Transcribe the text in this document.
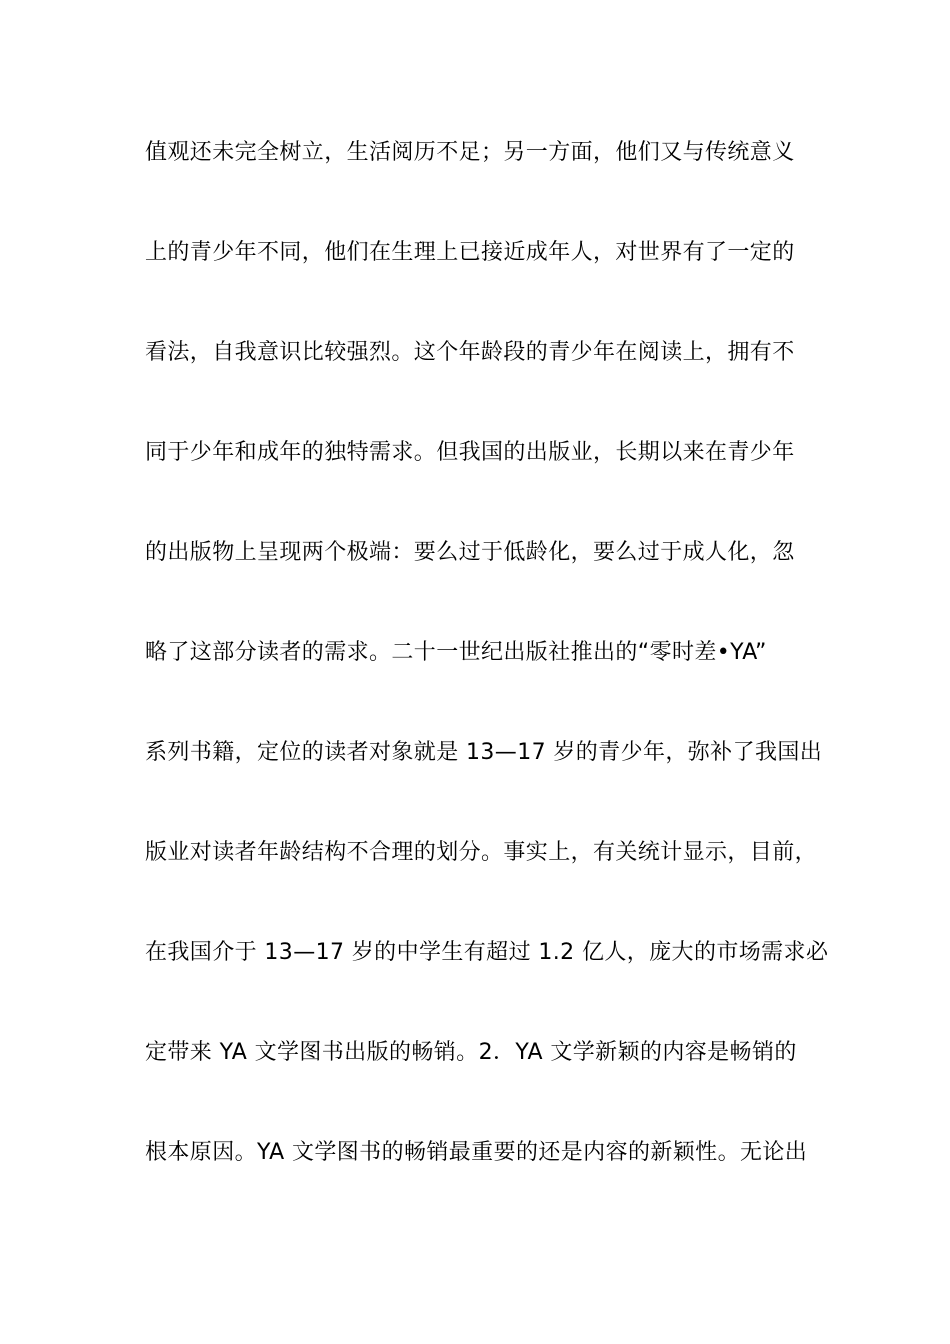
值观还未完全树立，生活阅历不足；另一方面，他们又与传统意义
上的青少年不同，他们在生理上已接近成年人，对世界有了一定的
看法，自我意识比较强烈。这个年龄段的青少年在阅读上，拥有不
同于少年和成年的独特需求。但我国的出版业，长期以来在青少年
的出版物上呈现两个极端：要么过于低龄化，要么过于成人化，忽
略了这部分读者的需求。二十一世纪出版社推出的“零时差•YA”
系列书籍，定位的读者对象就是 13—17 岁的青少年，弥补了我国出
版业对读者年龄结构不合理的划分。事实上，有关统计显示，目前，
在我国介于 13—17 岁的中学生有超过 1.2 亿人，庞大的市场需求必
定带来 YA 文学图书出版的畅销。2．YA 文学新颖的内容是畅销的
根本原因。YA 文学图书的畅销最重要的还是内容的新颖性。无论出
